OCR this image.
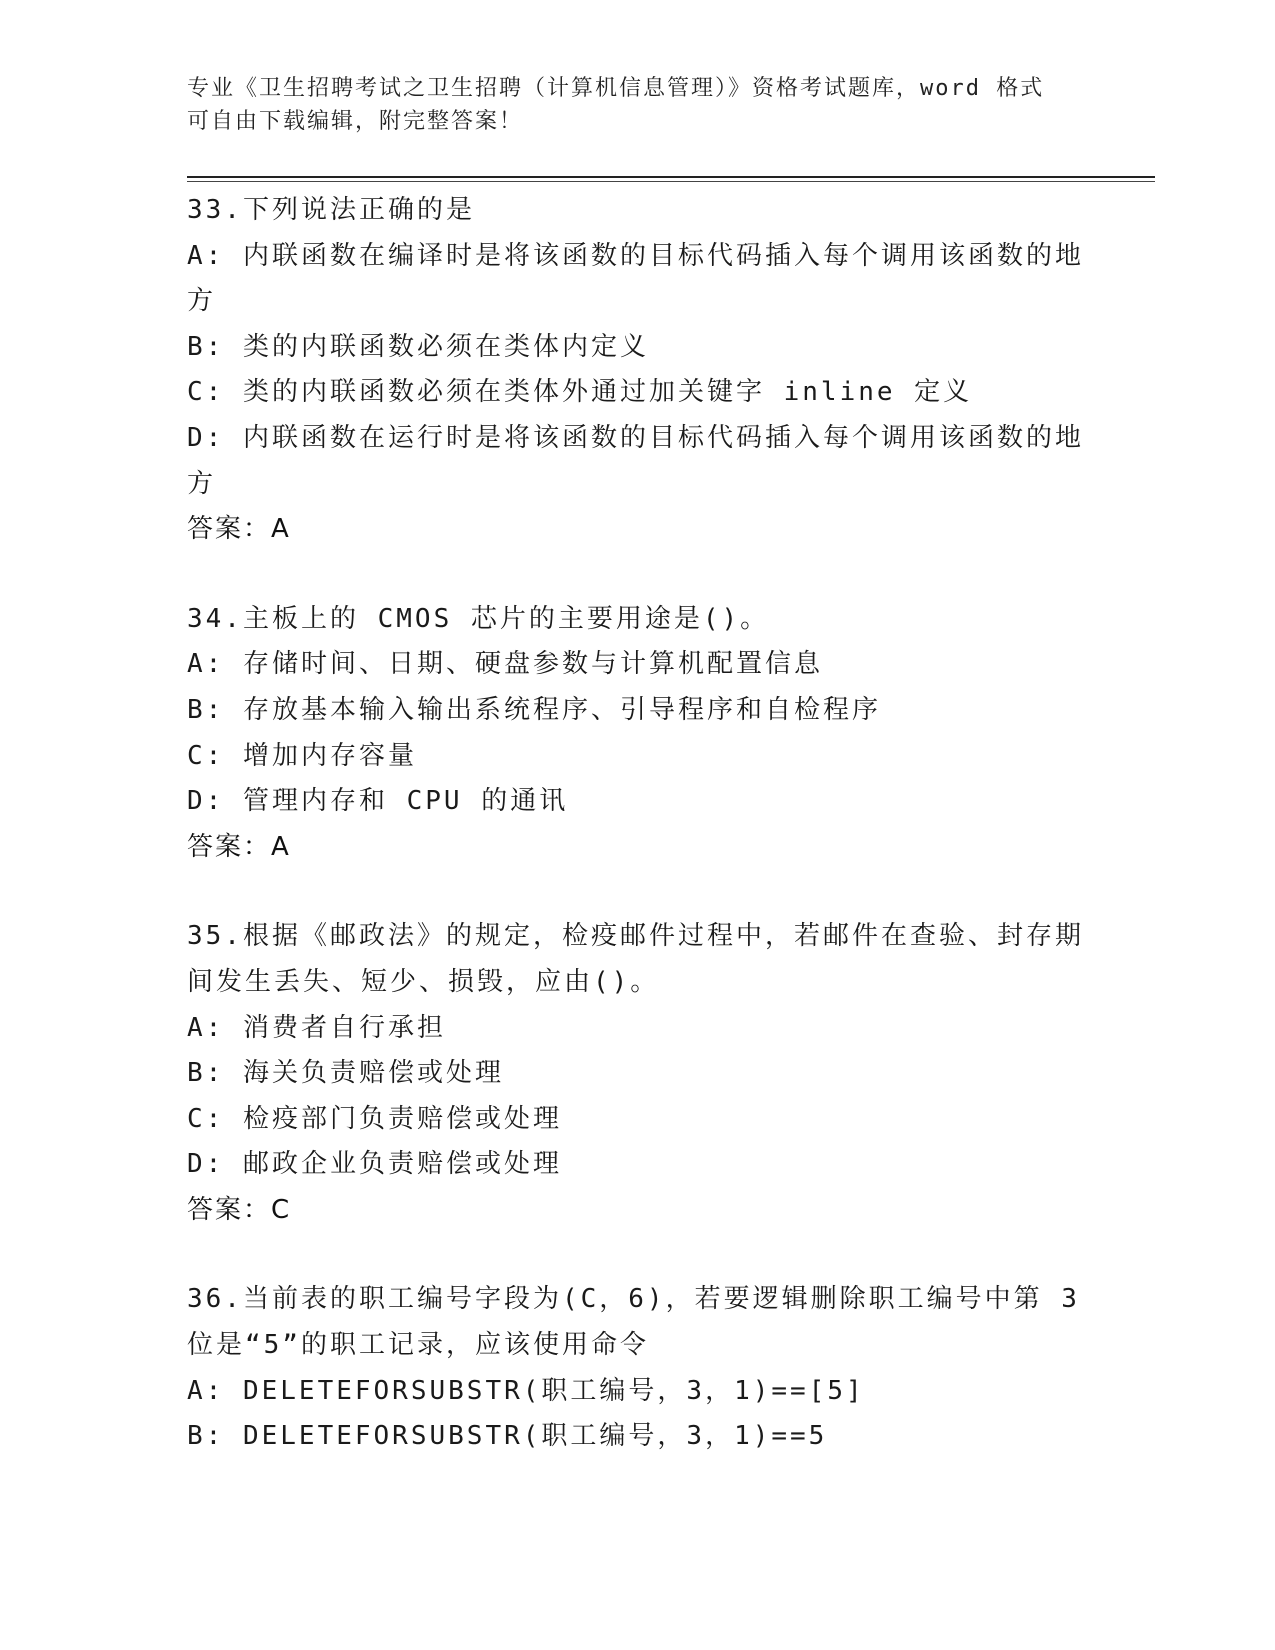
专业《卫生招聘考试之卫生招聘（计算机信息管理）》资格考试题库，word 格式可自由下载编辑，附完整答案！

33.下列说法正确的是

A: 内联函数在编译时是将该函数的目标代码插入每个调用该函数的地方

B: 类的内联函数必须在类体内定义

C: 类的内联函数必须在类体外通过加关键字 inline 定义

D: 内联函数在运行时是将该函数的目标代码插入每个调用该函数的地方

答案：A

34.主板上的 CMOS 芯片的主要用途是()。

A: 存储时间、日期、硬盘参数与计算机配置信息

B: 存放基本输入输出系统程序、引导程序和自检程序

C: 增加内存容量

D: 管理内存和 CPU 的通讯

答案：A

35.根据《邮政法》的规定，检疫邮件过程中，若邮件在查验、封存期间发生丢失、短少、损毁，应由()。

A: 消费者自行承担

B: 海关负责赔偿或处理

C: 检疫部门负责赔偿或处理

D: 邮政企业负责赔偿或处理

答案：C

36.当前表的职工编号字段为(C，6)，若要逻辑删除职工编号中第 3 位是“5”的职工记录，应该使用命令

A: DELETEFORSUBSTR(职工编号，3，1)==[5]

B: DELETEFORSUBSTR(职工编号，3，1)==5
